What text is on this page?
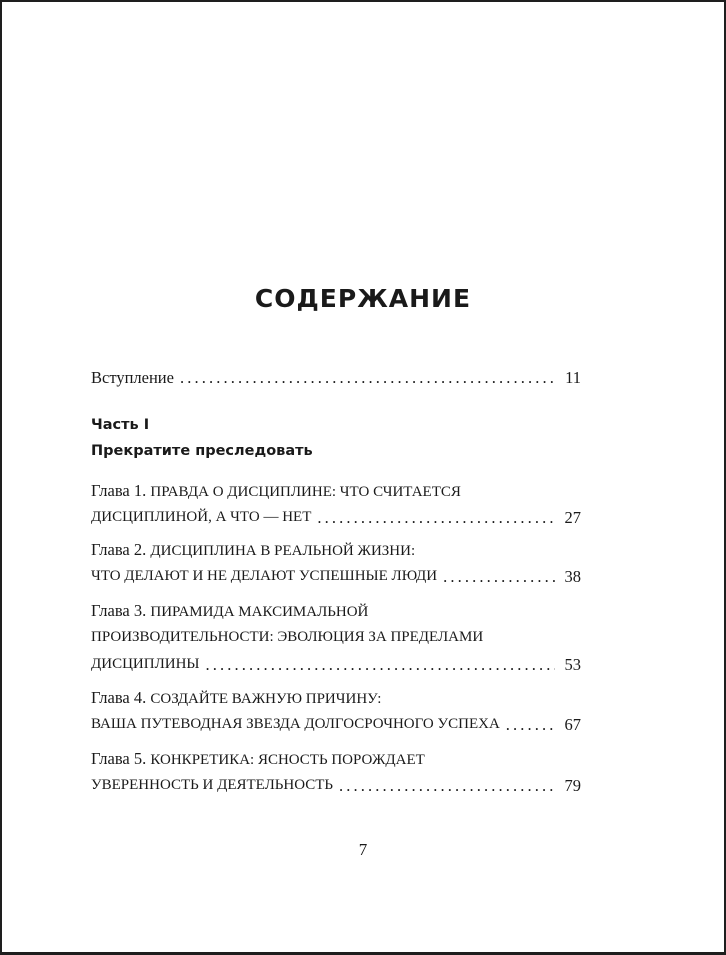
СОДЕРЖАНИЕ
Вступление . . .	11
Часть I
Прекратите преследовать
Глава 1. ПРАВДА О ДИСЦИПЛИНЕ: ЧТО СЧИТАЕТСЯ
ДИСЦИПЛИНОЙ, А ЧТО — НЕТ . . .	27
Глава 2. ДИСЦИПЛИНА В РЕАЛЬНОЙ ЖИЗНИ:
ЧТО ДЕЛАЮТ И НЕ ДЕЛАЮТ УСПЕШНЫЕ ЛЮДИ . . .	38
Глава 3. ПИРАМИДА МАКСИМАЛЬНОЙ
ПРОИЗВОДИТЕЛЬНОСТИ: ЭВОЛЮЦИЯ ЗА ПРЕДЕЛАМИ
ДИСЦИПЛИНЫ . . .	53
Глава 4. СОЗДАЙТЕ ВАЖНУЮ ПРИЧИНУ:
ВАША ПУТЕВОДНАЯ ЗВЕЗДА ДОЛГОСРОЧНОГО УСПЕХА . . .	67
Глава 5. КОНКРЕТИКА: ЯСНОСТЬ ПОРОЖДАЕТ
УВЕРЕННОСТЬ И ДЕЯТЕЛЬНОСТЬ . . .	79
7
